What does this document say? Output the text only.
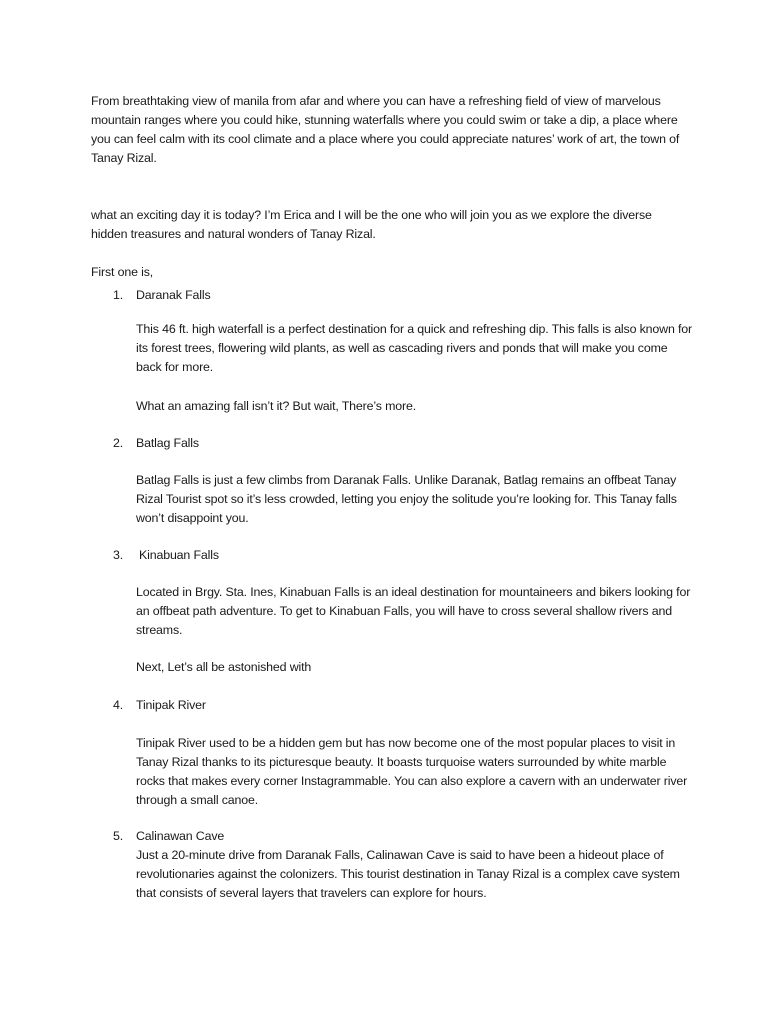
From breathtaking view of manila from afar and where you can have a refreshing field of view of marvelous mountain ranges where you could hike, stunning waterfalls where you could swim or take a dip, a place where you can feel calm with its cool climate and a place where you could appreciate natures’ work of art, the town of Tanay Rizal.

what an exciting day it is today? I’m Erica and I will be the one who will join you as we explore the diverse hidden treasures and natural wonders of Tanay Rizal.

First one is,

1. Daranak Falls

This 46 ft. high waterfall is a perfect destination for a quick and refreshing dip. This falls is also known for its forest trees, flowering wild plants, as well as cascading rivers and ponds that will make you come back for more.

What an amazing fall isn’t it? But wait, There’s more.

2. Batlag Falls

Batlag Falls is just a few climbs from Daranak Falls. Unlike Daranak, Batlag remains an offbeat Tanay Rizal Tourist spot so it’s less crowded, letting you enjoy the solitude you’re looking for. This Tanay falls won’t disappoint you.

3. Kinabuan Falls

Located in Brgy. Sta. Ines, Kinabuan Falls is an ideal destination for mountaineers and bikers looking for an offbeat path adventure. To get to Kinabuan Falls, you will have to cross several shallow rivers and streams.

Next, Let’s all be astonished with

4. Tinipak River

Tinipak River used to be a hidden gem but has now become one of the most popular places to visit in Tanay Rizal thanks to its picturesque beauty. It boasts turquoise waters surrounded by white marble rocks that makes every corner Instagrammable. You can also explore a cavern with an underwater river through a small canoe.

5. Calinawan Cave

Just a 20-minute drive from Daranak Falls, Calinawan Cave is said to have been a hideout place of revolutionaries against the colonizers. This tourist destination in Tanay Rizal is a complex cave system that consists of several layers that travelers can explore for hours.
